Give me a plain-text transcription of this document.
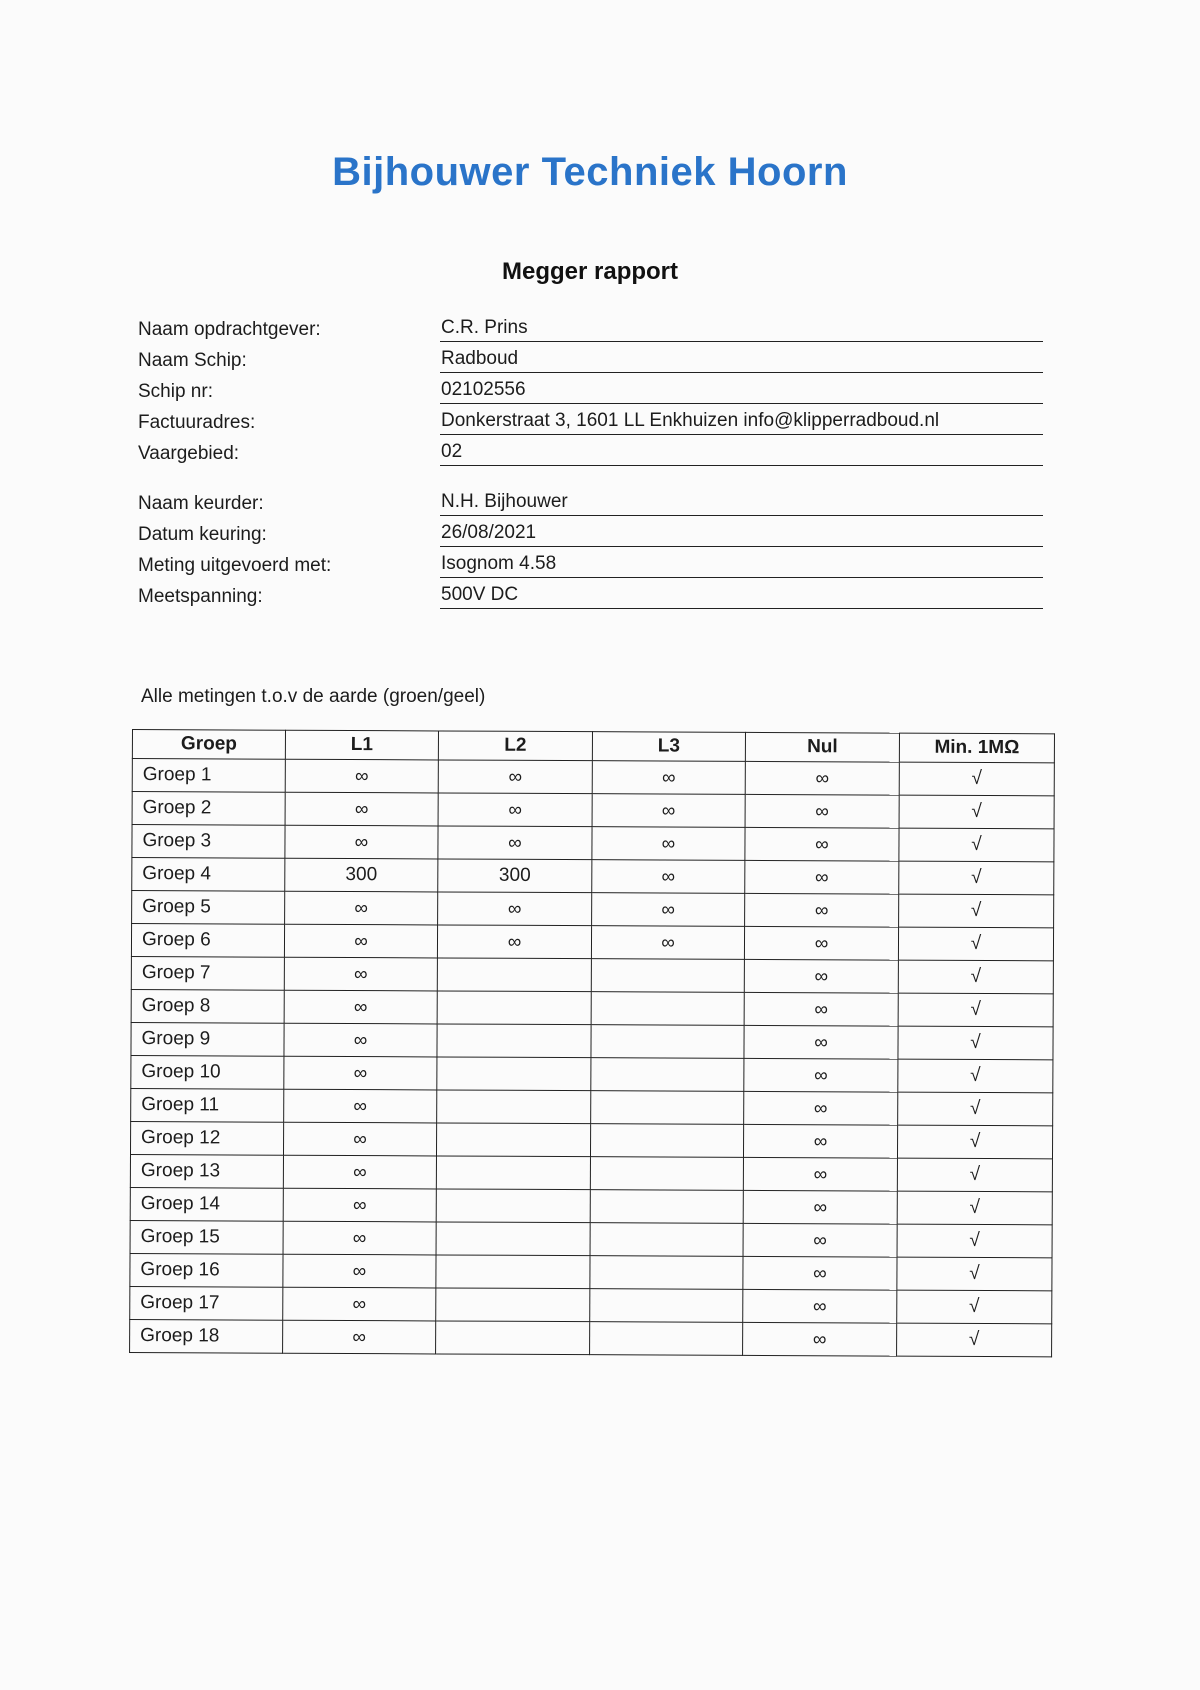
Bijhouwer Techniek Hoorn
Megger rapport
Naam opdrachtgever:	C.R. Prins
Naam Schip:	Radboud
Schip nr:	02102556
Factuuradres:	Donkerstraat 3, 1601 LL Enkhuizen info@klipperradboud.nl
Vaargebied:	02
Naam keurder:	N.H. Bijhouwer
Datum keuring:	26/08/2021
Meting uitgevoerd met:	Isognom 4.58
Meetspanning:	500V DC
Alle metingen t.o.v de aarde (groen/geel)
Groep	L1	L2	L3	Nul	Min. 1MΩ
Groep 1	∞	∞	∞	∞	√
Groep 2	∞	∞	∞	∞	√
Groep 3	∞	∞	∞	∞	√
Groep 4	300	300	∞	∞	√
Groep 5	∞	∞	∞	∞	√
Groep 6	∞	∞	∞	∞	√
Groep 7	∞			∞	√
Groep 8	∞			∞	√
Groep 9	∞			∞	√
Groep 10	∞			∞	√
Groep 11	∞			∞	√
Groep 12	∞			∞	√
Groep 13	∞			∞	√
Groep 14	∞			∞	√
Groep 15	∞			∞	√
Groep 16	∞			∞	√
Groep 17	∞			∞	√
Groep 18	∞			∞	√
